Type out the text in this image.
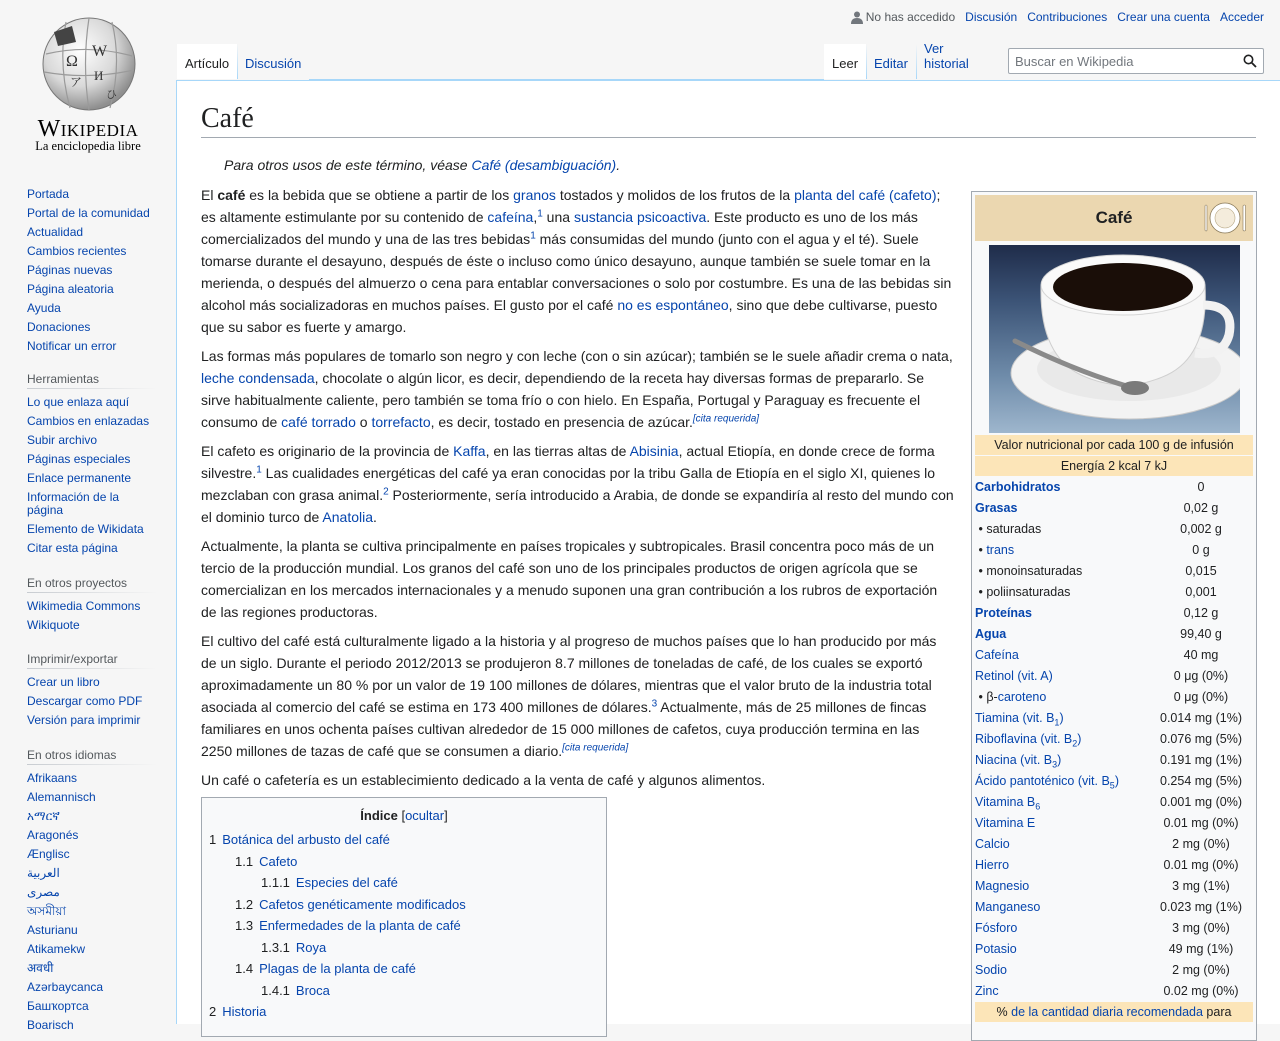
Ω
W
И
ア
ひ
Wikipedia
La enciclopedia libre
Portada
Portal de la comunidad
Actualidad
Cambios recientes
Páginas nuevas
Página aleatoria
Ayuda
Donaciones
Notificar un error
Herramientas
Lo que enlaza aquí
Cambios en enlazadas
Subir archivo
Páginas especiales
Enlace permanente
Información de la página
Elemento de Wikidata
Citar esta página
En otros proyectos
Wikimedia Commons
Wikiquote
Imprimir/exportar
Crear un libro
Descargar como PDF
Versión para imprimir
En otros idiomas
Afrikaans
Alemannisch
አማርኛ
Aragonés
Ænglisc
العربية
مصرى
অসমীয়া
Asturianu
Atikamekw
अवधी
Azərbaycanca
Башҡортса
Boarisch
No has accedido Discusión Contribuciones Crear una cuenta Acceder
Artículo Discusión	Leer Editar
Ver historial
Buscar en Wikipedia
Café
Para otros usos de este término, véase Café (desambiguación).

El café es la bebida que se obtiene a partir de los granos tostados y molidos de los frutos de la planta del café (cafeto); es altamente estimulante por su contenido de cafeína,$^1$ una sustancia psicoactiva. Este producto es uno de los más comercializados del mundo y una de las tres bebidas$^1$ más consumidas del mundo (junto con el agua y el té). Suele tomarse durante el desayuno, después de éste o incluso como único desayuno, aunque también se suele tomar en la merienda, o después del almuerzo o cena para entablar conversaciones o solo por costumbre. Es una de las bebidas sin alcohol más socializadoras en muchos países. El gusto por el café no es espontáneo, sino que debe cultivarse, puesto que su sabor es fuerte y amargo.

Las formas más populares de tomarlo son negro y con leche (con o sin azúcar); también se le suele añadir crema o nata, leche condensada, chocolate o algún licor, es decir, dependiendo de la receta hay diversas formas de prepararlo. Se sirve habitualmente caliente, pero también se toma frío o con hielo. En España, Portugal y Paraguay es frecuente el consumo de café torrado o torrefacto, es decir, tostado en presencia de azúcar.[cita requerida]

El cafeto es originario de la provincia de Kaffa, en las tierras altas de Abisinia, actual Etiopía, en donde crece de forma silvestre.$^1$ Las cualidades energéticas del café ya eran conocidas por la tribu Galla de Etiopía en el siglo XI, quienes lo mezclaban con grasa animal.$^2$ Posteriormente, sería introducido a Arabia, de donde se expandiría al resto del mundo con el dominio turco de Anatolia.

Actualmente, la planta se cultiva principalmente en países tropicales y subtropicales. Brasil concentra poco más de un tercio de la producción mundial. Los granos del café son uno de los principales productos de origen agrícola que se comercializan en los mercados internacionales y a menudo suponen una gran contribución a los rubros de exportación de las regiones productoras.

El cultivo del café está culturalmente ligado a la historia y al progreso de muchos países que lo han producido por más de un siglo. Durante el periodo 2012/2013 se produjeron 8.7 millones de toneladas de café, de los cuales se exportó aproximadamente un 80 % por un valor de 19 100 millones de dólares, mientras que el valor bruto de la industria total asociada al comercio del café se estima en 173 400 millones de dólares.$^3$ Actualmente, más de 25 millones de fincas familiares en unos ochenta países cultivan alrededor de 15 000 millones de cafetos, cuya producción termina en las 2250 millones de tazas de café que se consumen a diario.[cita requerida]

Un café o cafetería es un establecimiento dedicado a la venta de café y algunos alimentos.

Índice [ocultar]
1 Botánica del arbusto del café
1.1 Cafeto
1.1.1 Especies del café
1.2 Cafetos genéticamente modificados
1.3 Enfermedades de la planta de café
1.3.1 Roya
1.4 Plagas de la planta de café
1.4.1 Broca
2 Historia
Café
Valor nutricional por cada 100 g de infusión
Energía 2 kcal 7 kJ
Carbohidratos	0
Grasas	0,02 g
• saturadas	0,002 g
• trans	0 g
• monoinsaturadas	0,015
• poliinsaturadas	0,001
Proteínas	0,12 g
Agua	99,40 g
Cafeína	40 mg
Retinol (vit. A)	0 μg (0%)
• β-caroteno	0 μg (0%)
Tiamina (vit. $B_1$)	0.014 mg (1%)
Riboflavina (vit. $B_2$)	0.076 mg (5%)
Niacina (vit. $B_3$)	0.191 mg (1%)
Ácido pantoténico (vit. $B_5$)	0.254 mg (5%)
Vitamina $B_6$	0.001 mg (0%)
Vitamina E	0.01 mg (0%)
Calcio	2 mg (0%)
Hierro	0.01 mg (0%)
Magnesio	3 mg (1%)
Manganeso	0.023 mg (1%)
Fósforo	3 mg (0%)
Potasio	49 mg (1%)
Sodio	2 mg (0%)
Zinc	0.02 mg (0%)
% de la cantidad diaria recomendada para
